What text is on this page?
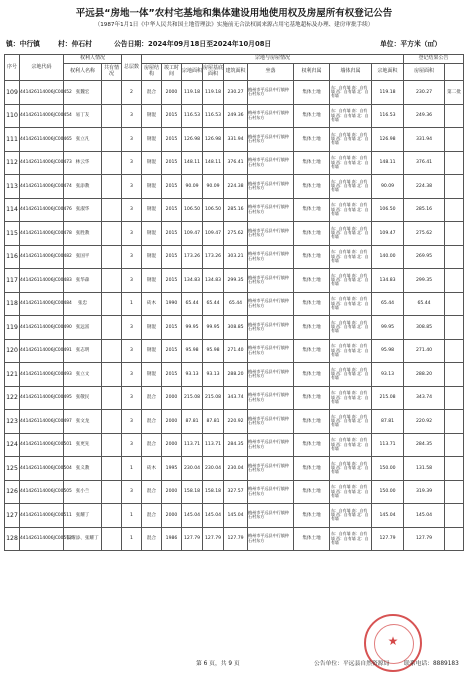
平远县“房地一体”农村宅基地和集体建设用地使用权及房屋所有权登记公告
（1987年1月1日《中华人民共和国土地管理法》实施前无合法权属来源占用宅基地超标及办理、建房审批手续）
镇：中行镇	村：仲石村	公告日期：2024年09月18日至2024年10月08日	单位：平方米（㎡）
序号	宗地代码	权利人情况		总层数	宗地与房屋情况									登记结果公告	
		权利人名称	共有情况		房屋结构	竣工时间	宗地面积	房屋基底面积	建筑面积	坐落	权利归属	墙体归属	宗地面积	房屋面积		
109	441426114006JC00452	张魏宏		2	混合	2000	119.18	119.18	230.27	梅州市平远县中行镇仲石村东方	集体土地	东：自有墙 南：自有墙 西：自有墙 北：自有墙	119.18	230.27	第二批	
110	441426114006JC00454	易丁友		3	钢混	2015	116.53	116.53	249.36	梅州市平远县中行镇仲石村东方	集体土地	东：自有墙 南：自有墙 西：自有墙 北：自有墙	116.53	249.36		
111	441426114006JC00465	张立凡		3	钢混	2015	126.98	126.98	331.94	梅州市平远县中行镇仲石村东方	集体土地	东：自有墙 南：自有墙 西：自有墙 北：自有墙	126.98	331.94		
112	441426114006JC00473	林云华		3	钢混	2015	148.11	148.11	376.41	梅州市平远县中行镇仲石村东方	集体土地	东：自有墙 南：自有墙 西：自有墙 北：自有墙	148.11	376.41		
113	441426114006JC00474	张添教		3	钢混	2015	90.09	90.09	224.38	梅州市平远县中行镇仲石村东方	集体土地	东：自有墙 南：自有墙 西：自有墙 北：自有墙	90.09	224.38		
114	441426114006JC00476	张淑华		3	钢混	2015	106.50	106.50	285.16	梅州市平远县中行镇仲石村东方	集体土地	东：自有墙 南：自有墙 西：自有墙 北：自有墙	106.50	285.16		
115	441426114006JC00478	张胜教		3	钢混	2015	109.47	109.47	275.62	梅州市平远县中行镇仲石村东方	集体土地	东：自有墙 南：自有墙 西：自有墙 北：自有墙	109.47	275.62		
116	441426114006JC00482	张国平		3	钢混	2015	173.26	173.26	303.21	梅州市平远县中行镇仲石村东方	集体土地	东：自有墙 南：自有墙 西：自有墙 北：自有墙	140.00	269.95		
117	441426114006JC00483	张华森		3	钢混	2015	134.83	134.83	299.35	梅州市平远县中行镇仲石村东方	集体土地	东：自有墙 南：自有墙 西：自有墙 北：自有墙	134.83	299.35		
118	441426114006JC00484	张忠		1	砖木	1990	65.44	65.44	65.44	梅州市平远县中行镇仲石村东方	集体土地	东：自有墙 南：自有墙 西：自有墙 北：自有墙	65.44	65.44		
119	441426114006JC00490	张远富		3	钢混	2015	99.95	99.95	308.85	梅州市平远县中行镇仲石村东方	集体土地	东：自有墙 南：自有墙 西：自有墙 北：自有墙	99.95	308.85		
120	441426114006JC00491	张志明		3	钢混	2015	95.98	95.98	271.40	梅州市平远县中行镇仲石村东方	集体土地	东：自有墙 南：自有墙 西：自有墙 北：自有墙	95.98	271.40		
121	441426114006JC00493	张立文		3	钢混	2015	93.13	93.13	288.20	梅州市平远县中行镇仲石村东方	集体土地	东：自有墙 南：自有墙 西：自有墙 北：自有墙	93.13	288.20		
122	441426114006JC00495	张敬民		3	混合	2000	215.08	215.08	343.74	梅州市平远县中行镇仲石村东方	集体土地	东：自有墙 南：自有墙 西：自有墙 北：自有墙	215.08	343.74		
123	441426114006JC00497	张文龙		3	混合	2000	87.81	87.81	220.92	梅州市平远县中行镇仲石村东方	集体土地	东：自有墙 南：自有墙 西：自有墙 北：自有墙	87.81	220.92		
124	441426114006JC00501	张更先		3	混合	2000	113.71	113.71	284.35	梅州市平远县中行镇仲石村东方	集体土地	东：自有墙 南：自有墙 西：自有墙 北：自有墙	113.71	284.35		
125	441426114006JC00504	张义教		1	砖木	1995	230.04	230.04	230.04	梅州市平远县中行镇仲石村东方	集体土地	东：自有墙 南：自有墙 西：自有墙 北：自有墙	150.00	131.58		
126	441426114006JC00505	张小兰		3	混合	2000	158.18	158.18	327.57	梅州市平远县中行镇仲石村东方	集体土地	东：自有墙 南：自有墙 西：自有墙 北：自有墙	150.00	319.39		
127	441426114006JC00511	张耀丁		1	混合	2000	145.04	145.04	145.04	梅州市平远县中行镇仲石村东方	集体土地	东：自有墙 南：自有墙 西：自有墙 北：自有墙	145.04	145.04		
128	441426114006JC00512	张耀添、张耀丁		1	混合	1986	127.79	127.79	127.79	梅州市平远县中行镇仲石村东方	集体土地	东：自有墙 南：自有墙 西：自有墙 北：自有墙	127.79	127.79		
★
第 6 页，共 9 页	公告单位：平远县自然资源局	联系电话：8889183
